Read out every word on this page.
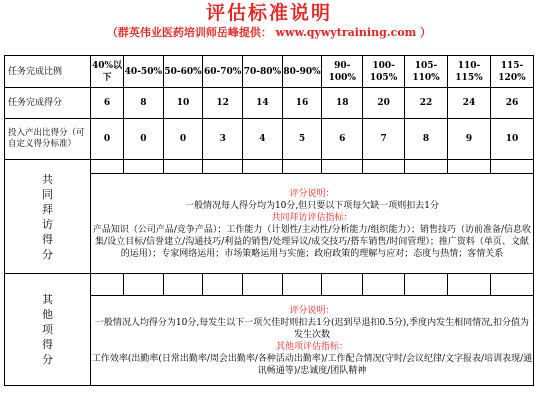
评估标准说明
（群英伟业医药培训师岳峰提供： www.qywytraining.com ）
任务完成比例	40%以下	40-50%	50-60%	60-70%	70-80%	80-90%	90-100%	100-105%	105-110%	110-115%	115-120%
任务完成得分	6	8	10	12	14	16	18	20	22	24	26
投入产出比得分（可自定义得分标准）	0	0	0	3	4	5	6	7	8	9	10

共同拜访得分											

	评分说明：
一般情况每人得分均为10分,但只要以下项每欠缺一项则扣去1分
共同拜访评估指标：
产品知识（公司产品/竞争产品）；工作能力（计划性/主动性/分析能力/组织能力）；销售技巧（访前准备/信息收集/设立目标/信誉建立/沟通技巧/利益的销售/处理异议/成交技巧/搭车销售/时间管理）；推广资料（单页、文献的运用）；专家网络运用；市场策略运用与实施；政府政策的理解与应对；态度与热情；客情关系										

其他项得分											

	评分说明：
一般情况人均得分为10分,每发生以下一项欠佳时则扣去1分(迟到早退扣0.5分),季度内发生相同情况,扣分值为发生次数
其他项评估指标：
工作效率(出勤率(日常出勤率/周会出勤率/各种活动出勤率)/工作配合情况(守时/会议纪律/文字报表/培训表现/通讯畅通等)/忠诚度/团队精神										
